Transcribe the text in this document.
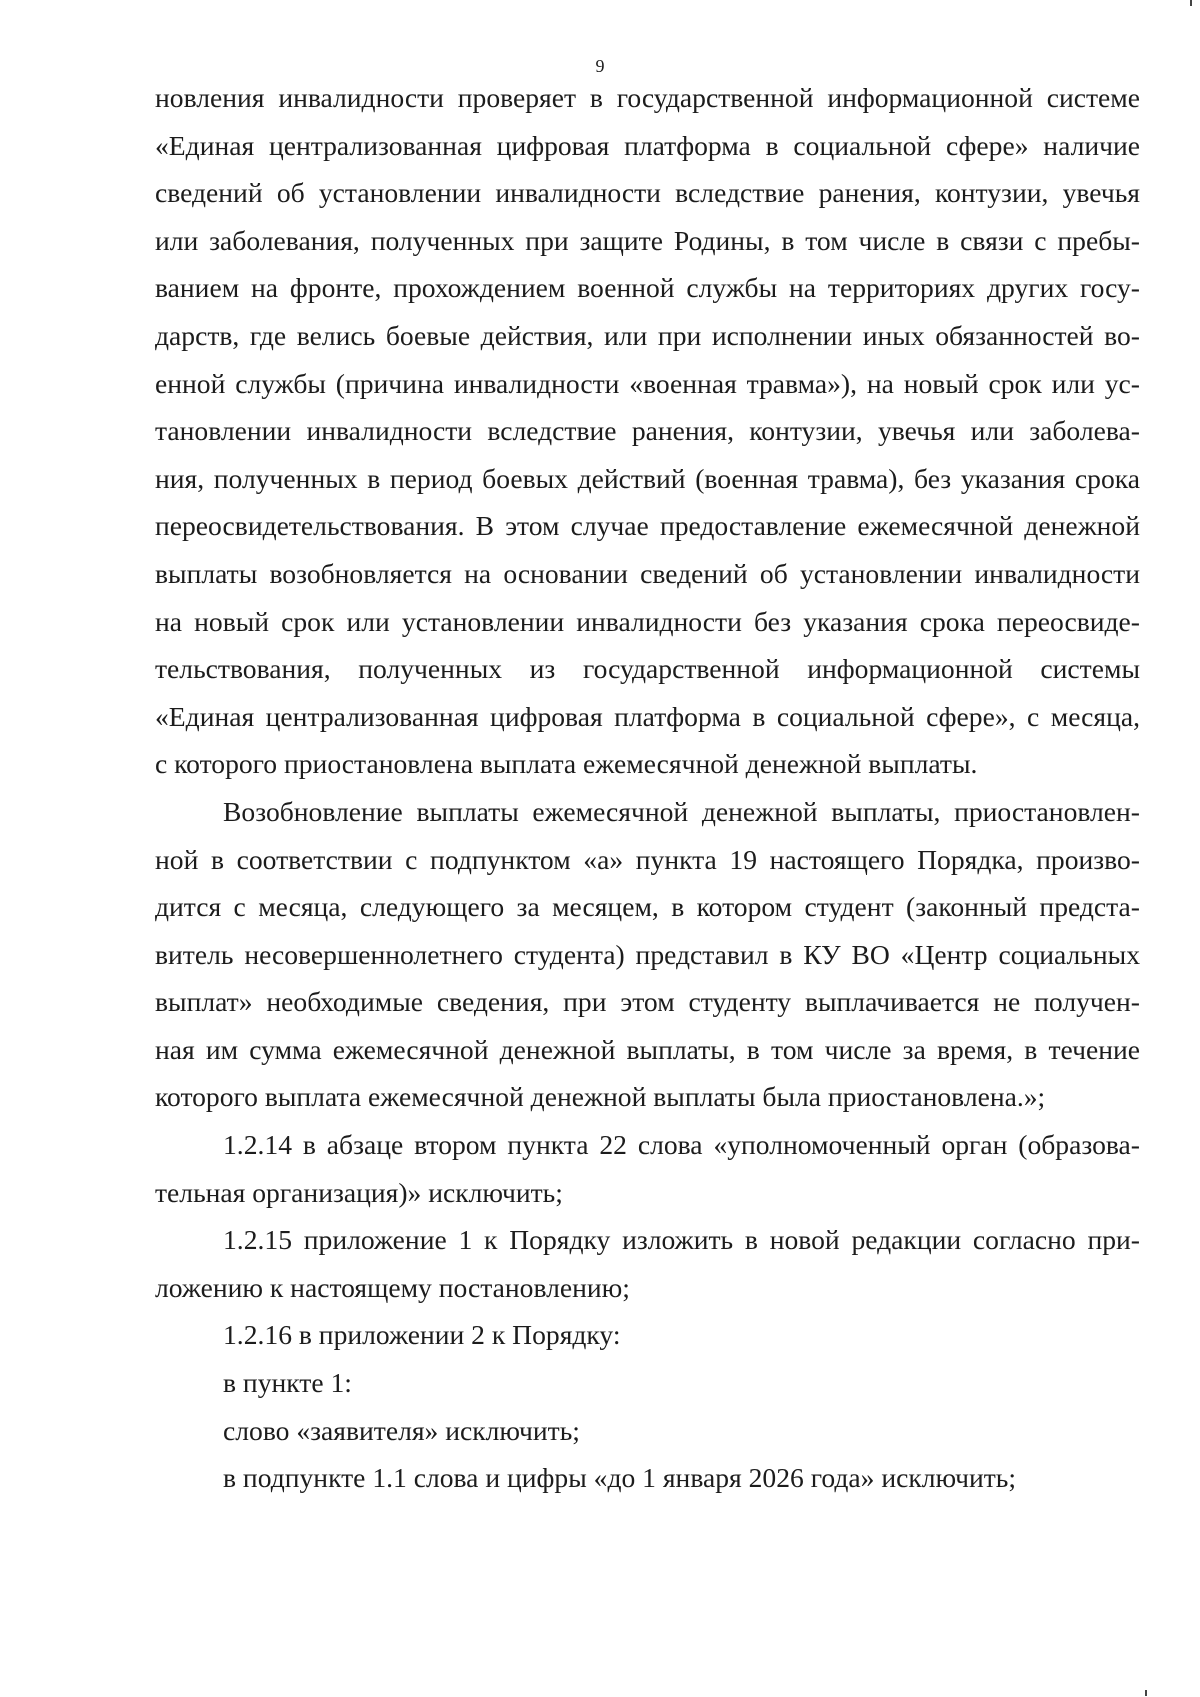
9
новления инвалидности проверяет в государственной информационной системе
«Единая централизованная цифровая платформа в социальной сфере» наличие
сведений об установлении инвалидности вследствие ранения, контузии, увечья
или заболевания, полученных при защите Родины, в том числе в связи с пребы-
ванием на фронте, прохождением военной службы на территориях других госу-
дарств, где велись боевые действия, или при исполнении иных обязанностей во-
енной службы (причина инвалидности «военная травма»), на новый срок или ус-
тановлении инвалидности вследствие ранения, контузии, увечья или заболева-
ния, полученных в период боевых действий (военная травма), без указания срока
переосвидетельствования. В этом случае предоставление ежемесячной денежной
выплаты возобновляется на основании сведений об установлении инвалидности
на новый срок или установлении инвалидности без указания срока переосвиде-
тельствования, полученных из государственной информационной системы
«Единая централизованная цифровая платформа в социальной сфере», с месяца,
с которого приостановлена выплата ежемесячной денежной выплаты.
Возобновление выплаты ежемесячной денежной выплаты, приостановлен-
ной в соответствии с подпунктом «а» пункта 19 настоящего Порядка, произво-
дится с месяца, следующего за месяцем, в котором студент (законный предста-
витель несовершеннолетнего студента) представил в КУ ВО «Центр социальных
выплат» необходимые сведения, при этом студенту выплачивается не получен-
ная им сумма ежемесячной денежной выплаты, в том числе за время, в течение
которого выплата ежемесячной денежной выплаты была приостановлена.»;
1.2.14 в абзаце втором пункта 22 слова «уполномоченный орган (образова-
тельная организация)» исключить;
1.2.15 приложение 1 к Порядку изложить в новой редакции согласно при-
ложению к настоящему постановлению;
1.2.16 в приложении 2 к Порядку:
в пункте 1:
слово «заявителя» исключить;
в подпункте 1.1 слова и цифры «до 1 января 2026 года» исключить;
